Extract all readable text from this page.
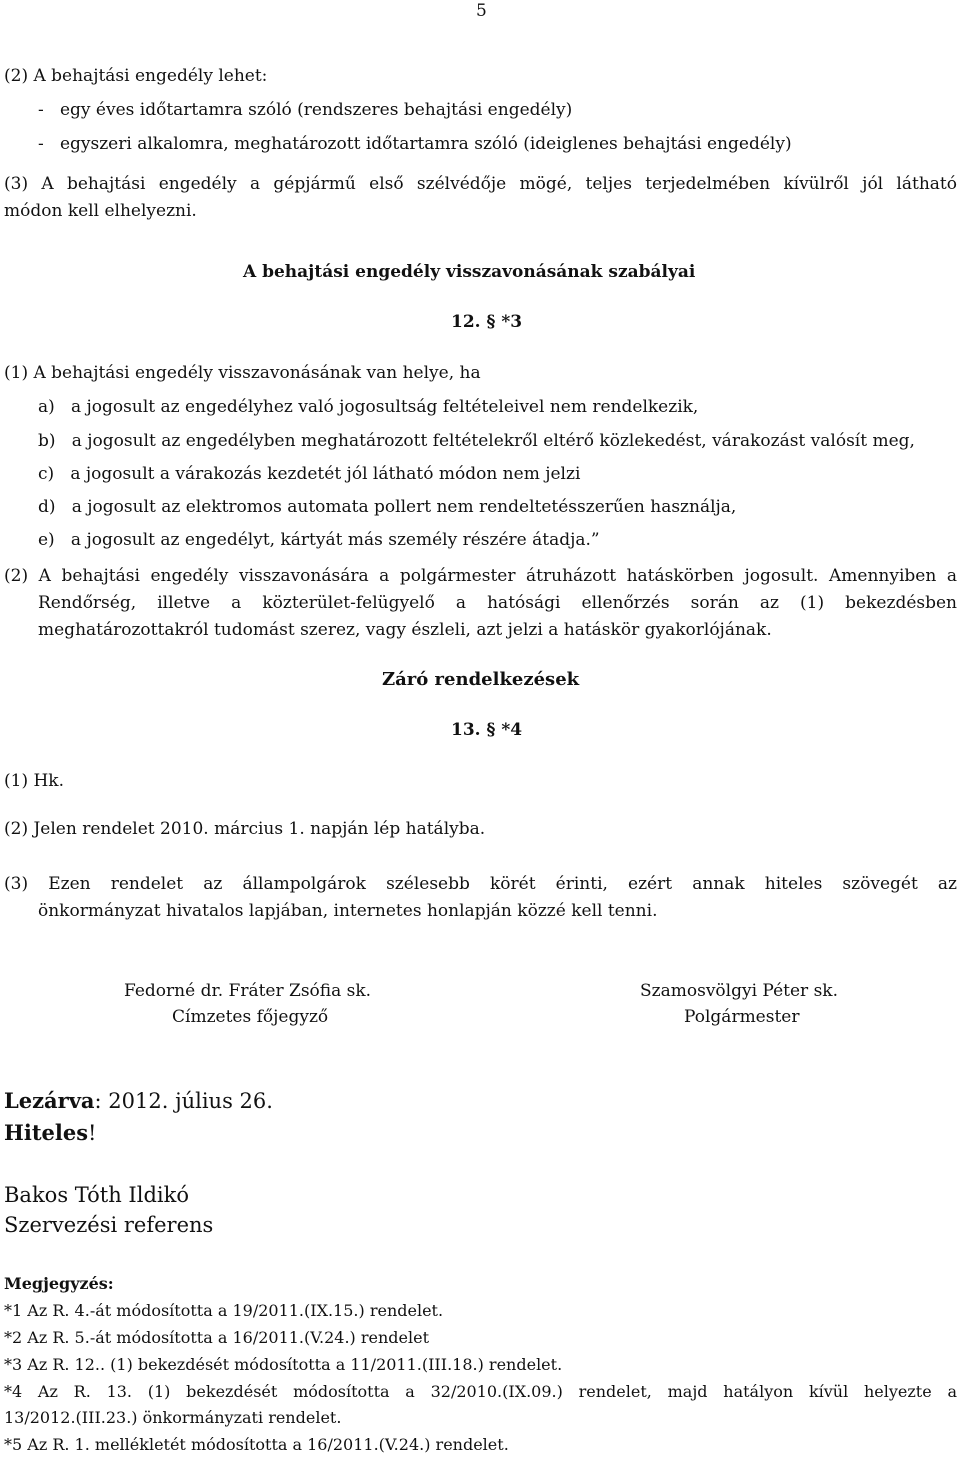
5
(2) A behajtási engedély lehet:
-   egy éves időtartamra szóló (rendszeres behajtási engedély)
-   egyszeri alkalomra, meghatározott időtartamra szóló (ideiglenes behajtási engedély)
(3) A behajtási engedély a gépjármű első szélvédője mögé, teljes terjedelmében kívülről jól látható
módon kell elhelyezni.
A behajtási engedély visszavonásának szabályai
12. § *3
(1) A behajtási engedély visszavonásának van helye, ha
a)   a jogosult az engedélyhez való jogosultság feltételeivel nem rendelkezik,
b)   a jogosult az engedélyben meghatározott feltételekről eltérő közlekedést, várakozást valósít meg,
c)   a jogosult a várakozás kezdetét jól látható módon nem jelzi
d)   a jogosult az elektromos automata pollert nem rendeltetésszerűen használja,
e)   a jogosult az engedélyt, kártyát más személy részére átadja.”
(2) A behajtási engedély visszavonására a polgármester átruházott hatáskörben jogosult. Amennyiben a
Rendőrség, illetve a közterület-felügyelő a hatósági ellenőrzés során az (1) bekezdésben
meghatározottakról tudomást szerez, vagy észleli, azt jelzi a hatáskör gyakorlójának.
Záró rendelkezések
13. § *4
(1) Hk.
(2) Jelen rendelet 2010. március 1. napján lép hatályba.
(3) Ezen rendelet az állampolgárok szélesebb körét érinti, ezért annak hiteles szövegét az
önkormányzat hivatalos lapjában, internetes honlapján közzé kell tenni.
Fedorné dr. Fráter Zsófia sk.
Címzetes főjegyző
Szamosvölgyi Péter sk.
Polgármester
Lezárva: 2012. július 26.
Hiteles!
Bakos Tóth Ildikó
Szervezési referens
Megjegyzés:
*1 Az R. 4.-át módosította a 19/2011.(IX.15.) rendelet.
*2 Az R. 5.-át módosította a 16/2011.(V.24.) rendelet
*3 Az R. 12.. (1) bekezdését módosította a 11/2011.(III.18.) rendelet.
*4 Az R. 13. (1) bekezdését módosította a 32/2010.(IX.09.) rendelet, majd hatályon kívül helyezte a
13/2012.(III.23.) önkormányzati rendelet.
*5 Az R. 1. mellékletét módosította a 16/2011.(V.24.) rendelet.
